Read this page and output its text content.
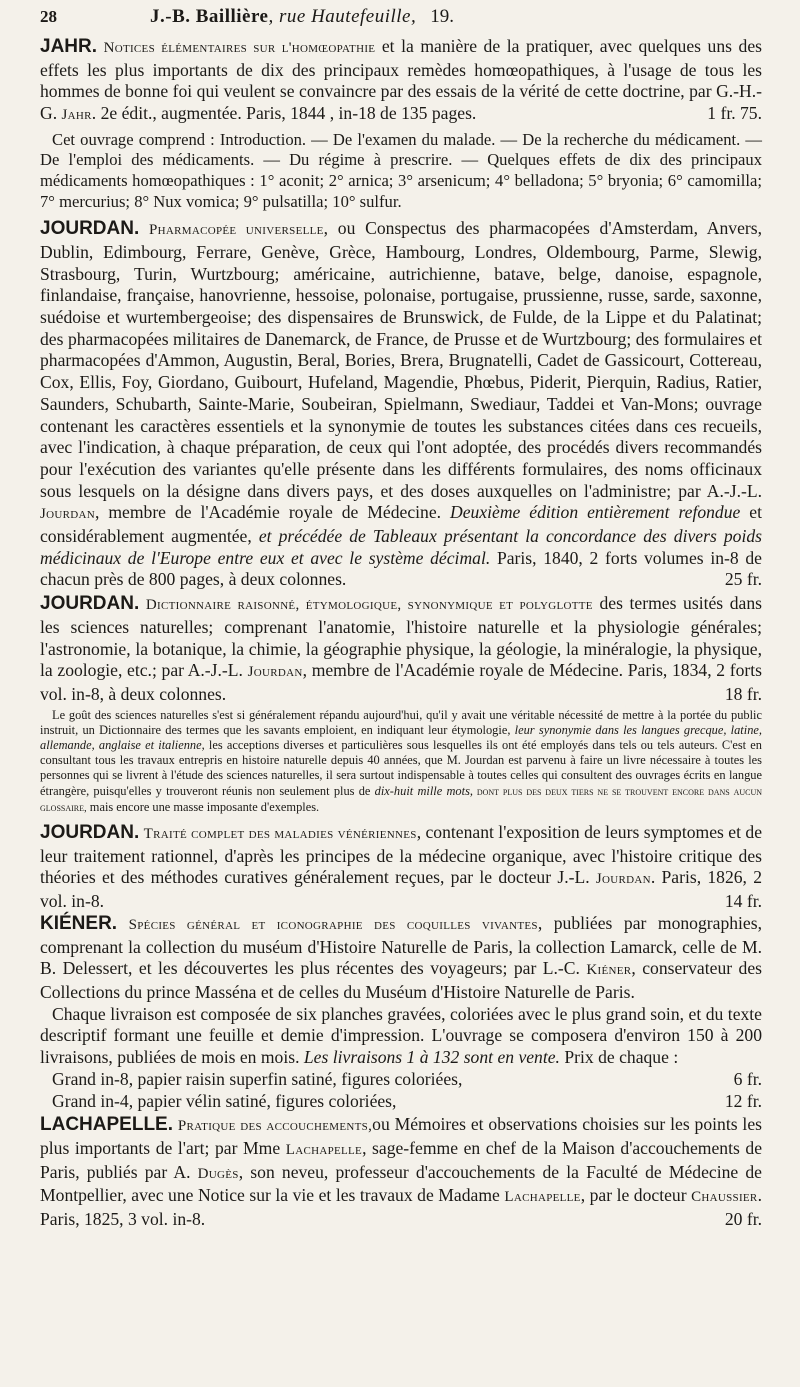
28	J.-B. Baillière, rue Hautefeuille, 19.

JAHR. Notices élémentaires sur l'homœopathie et la manière de la pratiquer, avec quelques uns des effets les plus importants de dix des principaux remèdes homœopathiques, à l'usage de tous les hommes de bonne foi qui veulent se convaincre par des essais de la vérité de cette doctrine, par G.-H.-G. Jahr. 2e édit., augmentée. Paris, 1844 , in-18 de 135 pages.	1 fr. 75.

Cet ouvrage comprend : Introduction. — De l'examen du malade. — De la recherche du médicament. — De l'emploi des médicaments. — Du régime à prescrire. — Quelques effets de dix des principaux médicaments homœopathiques : 1° aconit; 2° arnica; 3° arsenicum; 4° belladona; 5° bryonia; 6° camomilla; 7° mercurius; 8° Nux vomica; 9° pulsatilla; 10° sulfur.

JOURDAN. Pharmacopée universelle, ou Conspectus des pharmacopées d'Amsterdam, Anvers, Dublin, Edimbourg, Ferrare, Genève, Grèce, Hambourg, Londres, Oldembourg, Parme, Slewig, Strasbourg, Turin, Wurtzbourg; américaine, autrichienne, batave, belge, danoise, espagnole, finlandaise, française, hanovrienne, hessoise, polonaise, portugaise, prussienne, russe, sarde, saxonne, suédoise et wurtembergeoise; des dispensaires de Brunswick, de Fulde, de la Lippe et du Palatinat; des pharmacopées militaires de Danemarck, de France, de Prusse et de Wurtzbourg; des formulaires et pharmacopées d'Ammon, Augustin, Beral, Bories, Brera, Brugnatelli, Cadet de Gassicourt, Cottereau, Cox, Ellis, Foy, Giordano, Guibourt, Hufeland, Magendie, Phœbus, Piderit, Pierquin, Radius, Ratier, Saunders, Schubarth, Sainte-Marie, Soubeiran, Spielmann, Swediaur, Taddei et Van-Mons; ouvrage contenant les caractères essentiels et la synonymie de toutes les substances citées dans ces recueils, avec l'indication, à chaque préparation, de ceux qui l'ont adoptée, des procédés divers recommandés pour l'exécution des variantes qu'elle présente dans les différents formulaires, des noms officinaux sous lesquels on la désigne dans divers pays, et des doses auxquelles on l'administre; par A.-J.-L. Jourdan, membre de l'Académie royale de Médecine. Deuxième édition entièrement refondue et considérablement augmentée, et précédée de Tableaux présentant la concordance des divers poids médicinaux de l'Europe entre eux et avec le système décimal. Paris, 1840, 2 forts volumes in-8 de chacun près de 800 pages, à deux colonnes.	25 fr.

JOURDAN. Dictionnaire raisonné, étymologique, synonymique et polyglotte des termes usités dans les sciences naturelles; comprenant l'anatomie, l'histoire naturelle et la physiologie générales; l'astronomie, la botanique, la chimie, la géographie physique, la géologie, la minéralogie, la physique, la zoologie, etc.; par A.-J.-L. Jourdan, membre de l'Académie royale de Médecine. Paris, 1834, 2 forts vol. in-8, à deux colonnes.	18 fr.

Le goût des sciences naturelles s'est si généralement répandu aujourd'hui, qu'il y avait une véritable nécessité de mettre à la portée du public instruit, un Dictionnaire des termes que les savants emploient, en indiquant leur étymologie, leur synonymie dans les langues grecque, latine, allemande, anglaise et italienne, les acceptions diverses et particulières sous lesquelles ils ont été employés dans tels ou tels auteurs. C'est en consultant tous les travaux entrepris en histoire naturelle depuis 40 années, que M. Jourdan est parvenu à faire un livre nécessaire à toutes les personnes qui se livrent à l'étude des sciences naturelles, il sera surtout indispensable à toutes celles qui consultent des ouvrages écrits en langue étrangère, puisqu'elles y trouveront réunis non seulement plus de dix-huit mille mots, dont plus des deux tiers ne se trouvent encore dans aucun glossaire, mais encore une masse imposante d'exemples.

JOURDAN. Traité complet des maladies vénériennes, contenant l'exposition de leurs symptomes et de leur traitement rationnel, d'après les principes de la médecine organique, avec l'histoire critique des théories et des méthodes curatives généralement reçues, par le docteur J.-L. Jourdan. Paris, 1826, 2 vol. in-8.	14 fr.

KIÉNER. Spécies général et iconographie des coquilles vivantes, publiées par monographies, comprenant la collection du muséum d'Histoire Naturelle de Paris, la collection Lamarck, celle de M. B. Delessert, et les découvertes les plus récentes des voyageurs; par L.-C. Kiéner, conservateur des Collections du prince Masséna et de celles du Muséum d'Histoire Naturelle de Paris.

Chaque livraison est composée de six planches gravées, coloriées avec le plus grand soin, et du texte descriptif formant une feuille et demie d'impression. L'ouvrage se composera d'environ 150 à 200 livraisons, publiées de mois en mois. Les livraisons 1 à 132 sont en vente. Prix de chaque :

Grand in-8, papier raisin superfin satiné, figures coloriées,	6 fr.
Grand in-4, papier vélin satiné, figures coloriées,	12 fr.

LACHAPELLE. Pratique des accouchements,ou Mémoires et observations choisies sur les points les plus importants de l'art; par Mme Lachapelle, sage-femme en chef de la Maison d'accouchements de Paris, publiés par A. Dugès, son neveu, professeur d'accouchements de la Faculté de Médecine de Montpellier, avec une Notice sur la vie et les travaux de Madame Lachapelle, par le docteur Chaussier. Paris, 1825, 3 vol. in-8.	20 fr.
